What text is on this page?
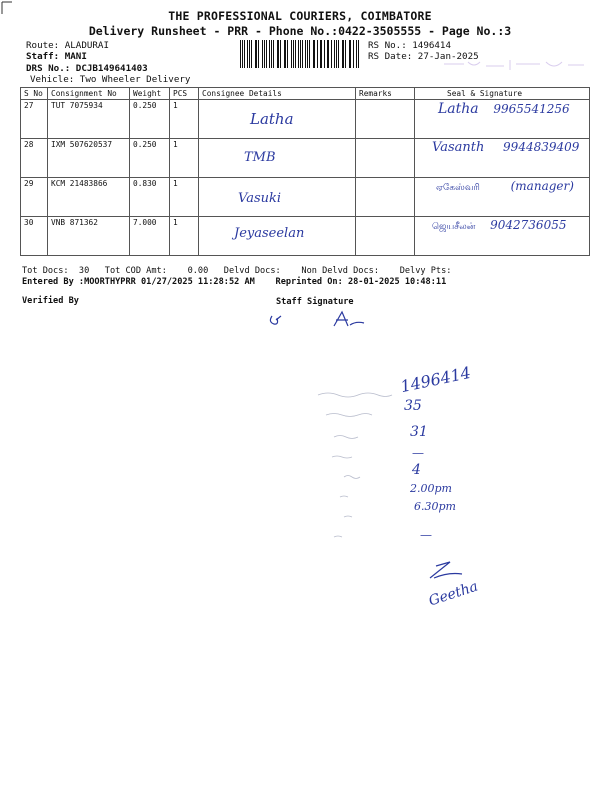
THE PROFESSIONAL COURIERS, COIMBATORE
Delivery Runsheet - PRR - Phone No.:0422-3505555 - Page No.:3
Route: ALADURAI
Staff: MANI
DRS No.: DCJB149641403
Vehicle: Two Wheeler Delivery
RS No.: 1496414
RS Date: 27-Jan-2025
S No	Consignment No	Weight	PCS	Consignee Details	Remarks	Seal & Signature
27	TUT 7075934	0.250	1	Latha		Latha 9965541256
28	IXM 507620537	0.250	1	TMB		Vasanth 9944839409
29	KCM 21483866	0.830	1	Vasuki		ஏகேஸ்வரி (manager)
30	VNB 871362	7.000	1	Jeyaseelan		ஜெயசீலன் 9042736055
Tot Docs:  30   Tot COD Amt:    0.00   Delvd Docs:    Non Delvd Docs:    Delvy Pts:
Entered By :MOORTHYPRR 01/27/2025 11:28:52 AM    Reprinted On: 28-01-2025 10:48:11
Verified By	Staff Signature
1496414
35
31
—
4
2.00pm
6.30pm
—
Geetha
